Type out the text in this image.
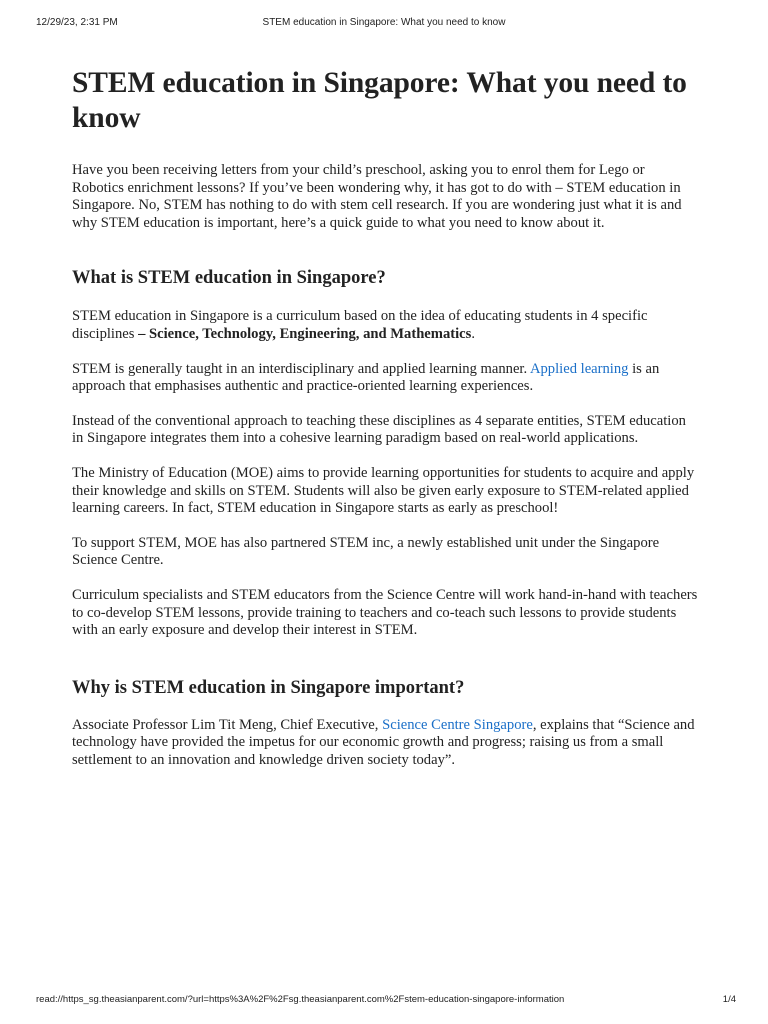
12/29/23, 2:31 PM	STEM education in Singapore: What you need to know
STEM education in Singapore: What you need to know

Have you been receiving letters from your child’s preschool, asking you to enrol them for Lego or Robotics enrichment lessons? If you’ve been wondering why, it has got to do with – STEM education in Singapore. No, STEM has nothing to do with stem cell research. If you are wondering just what it is and why STEM education is important, here’s a quick guide to what you need to know about it.

What is STEM education in Singapore?

STEM education in Singapore is a curriculum based on the idea of educating students in 4 specific disciplines – Science, Technology, Engineering, and Mathematics.

STEM is generally taught in an interdisciplinary and applied learning manner. Applied learning is an approach that emphasises authentic and practice-oriented learning experiences.

Instead of the conventional approach to teaching these disciplines as 4 separate entities, STEM education in Singapore integrates them into a cohesive learning paradigm based on real-world applications.

The Ministry of Education (MOE) aims to provide learning opportunities for students to acquire and apply their knowledge and skills on STEM. Students will also be given early exposure to STEM-related applied learning careers. In fact, STEM education in Singapore starts as early as preschool!

To support STEM, MOE has also partnered STEM inc, a newly established unit under the Singapore Science Centre.

Curriculum specialists and STEM educators from the Science Centre will work hand-in-hand with teachers to co-develop STEM lessons, provide training to teachers and co-teach such lessons to provide students with an early exposure and develop their interest in STEM.

Why is STEM education in Singapore important?

Associate Professor Lim Tit Meng, Chief Executive, Science Centre Singapore, explains that “Science and technology have provided the impetus for our economic growth and progress; raising us from a small settlement to an innovation and knowledge driven society today”.

read://https_sg.theasianparent.com/?url=https%3A%2F%2Fsg.theasianparent.com%2Fstem-education-singapore-information	1/4
